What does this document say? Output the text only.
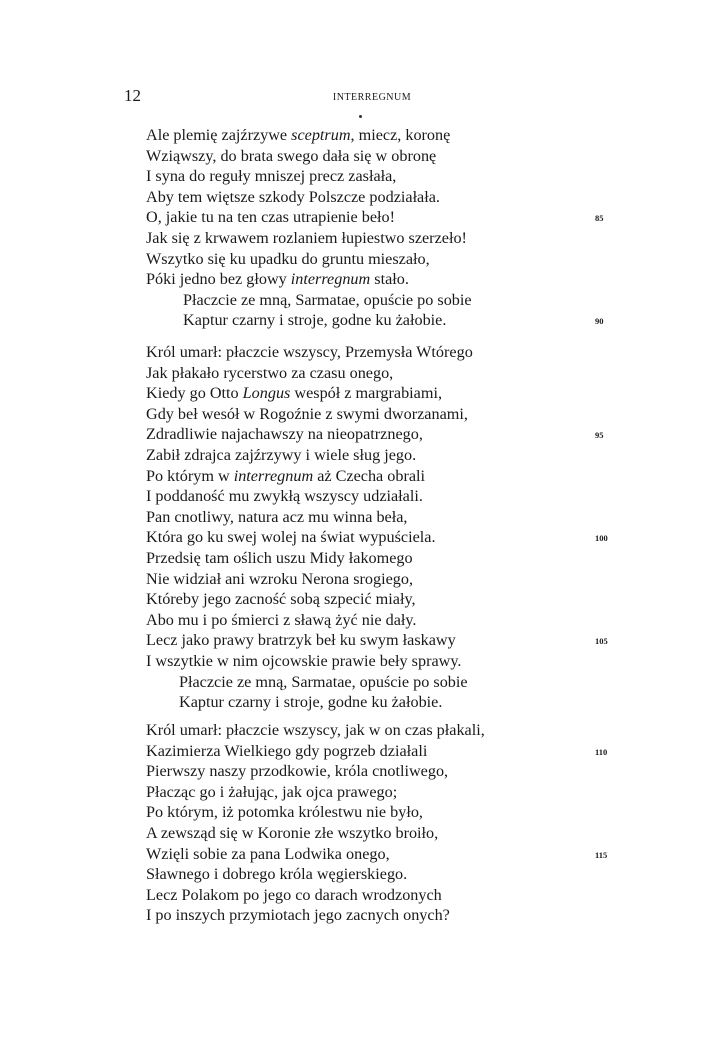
12	INTERREGNUM
Ale plemię zajźrzywe sceptrum, miecz, koronę
Wziąwszy, do brata swego dała się w obronę
I syna do reguły mniszej precz zasłała,
Aby tem więtsze szkody Polszcze podziałała.
O, jakie tu na ten czas utrapienie beło!	85
Jak się z krwawem rozlaniem łupiestwo szerzeło!
Wszytko się ku upadku do gruntu mieszało,
Póki jedno bez głowy interregnum stało.
Płaczcie ze mną, Sarmatae, opuście po sobie
Kaptur czarny i stroje, godne ku żałobie.	90
Król umarł: płaczcie wszyscy, Przemysła Wtórego
Jak płakało rycerstwo za czasu onego,
Kiedy go Otto Longus wespół z margrabiami,
Gdy beł wesół w Rogoźnie z swymi dworzanami,
Zdradliwie najachawszy na nieopatrznego,	95
Zabił zdrajca zajźrzywy i wiele sług jego.
Po którym w interregnum aż Czecha obrali
I poddaność mu zwykłą wszyscy udziałali.
Pan cnotliwy, natura acz mu winna beła,
Która go ku swej wolej na świat wypuściela.	100
Przedsię tam oślich uszu Midy łakomego
Nie widział ani wzroku Nerona srogiego,
Któreby jego zacność sobą szpecić miały,
Abo mu i po śmierci z sławą żyć nie dały.
Lecz jako prawy bratrzyk beł ku swym łaskawy	105
I wszytkie w nim ojcowskie prawie beły sprawy.
Płaczcie ze mną, Sarmatae, opuście po sobie
Kaptur czarny i stroje, godne ku żałobie.
Król umarł: płaczcie wszyscy, jak w on czas płakali,
Kazimierza Wielkiego gdy pogrzeb działali	110
Pierwszy naszy przodkowie, króla cnotliwego,
Płacząc go i żałując, jak ojca prawego;
Po którym, iż potomka królestwu nie było,
A zewsząd się w Koronie złe wszytko broiło,
Wzięli sobie za pana Lodwika onego,	115
Sławnego i dobrego króla węgierskiego.
Lecz Polakom po jego co darach wrodzonych
I po inszych przymiotach jego zacnych onych?
